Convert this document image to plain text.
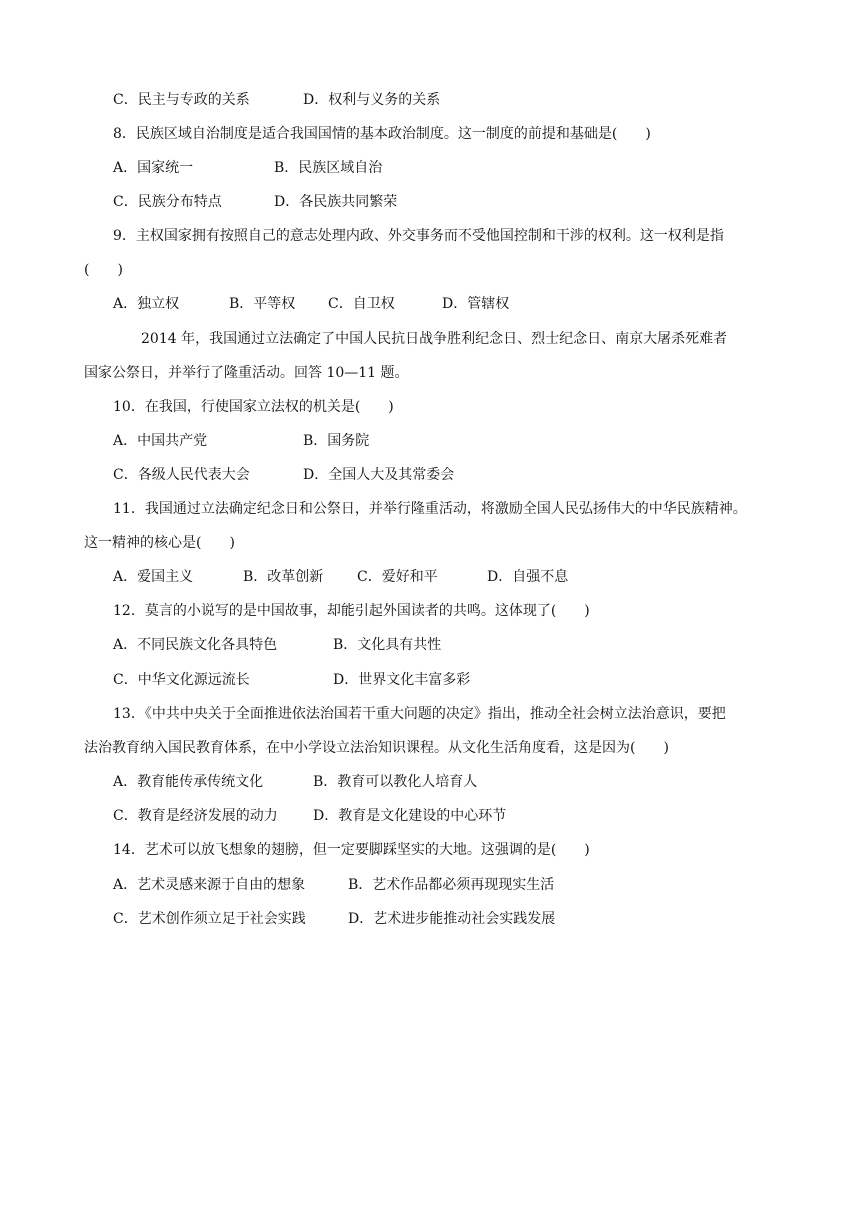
C．民主与专政的关系	D．权利与义务的关系
8．民族区域自治制度是适合我国国情的基本政治制度。这一制度的前提和基础是(　　)
A．国家统一	B．民族区域自治
C．民族分布特点	D．各民族共同繁荣
9．主权国家拥有按照自己的意志处理内政、外交事务而不受他国控制和干涉的权利。这一权利是指
(　　)
A．独立权	B．平等权 C．自卫权	D．管辖权
2014 年，我国通过立法确定了中国人民抗日战争胜利纪念日、烈士纪念日、南京大屠杀死难者
国家公祭日，并举行了隆重活动。回答 10—11 题。
10．在我国，行使国家立法权的机关是(　　)
A．中国共产党	B．国务院
C．各级人民代表大会	D．全国人大及其常委会
11．我国通过立法确定纪念日和公祭日，并举行隆重活动，将激励全国人民弘扬伟大的中华民族精神。
这一精神的核心是(　　)
A．爱国主义	B．改革创新 C．爱好和平	D．自强不息
12．莫言的小说写的是中国故事，却能引起外国读者的共鸣。这体现了(　　)
A．不同民族文化各具特色	B．文化具有共性
C．中华文化源远流长	D．世界文化丰富多彩
13．《中共中央关于全面推进依法治国若干重大问题的决定》指出，推动全社会树立法治意识，要把
法治教育纳入国民教育体系，在中小学设立法治知识课程。从文化生活角度看，这是因为(　　)
A．教育能传承传统文化	B．教育可以教化人培育人
C．教育是经济发展的动力	D．教育是文化建设的中心环节
14．艺术可以放飞想象的翅膀，但一定要脚踩坚实的大地。这强调的是(　　)
A．艺术灵感来源于自由的想象	B．艺术作品都必须再现现实生活
C．艺术创作须立足于社会实践	D．艺术进步能推动社会实践发展
